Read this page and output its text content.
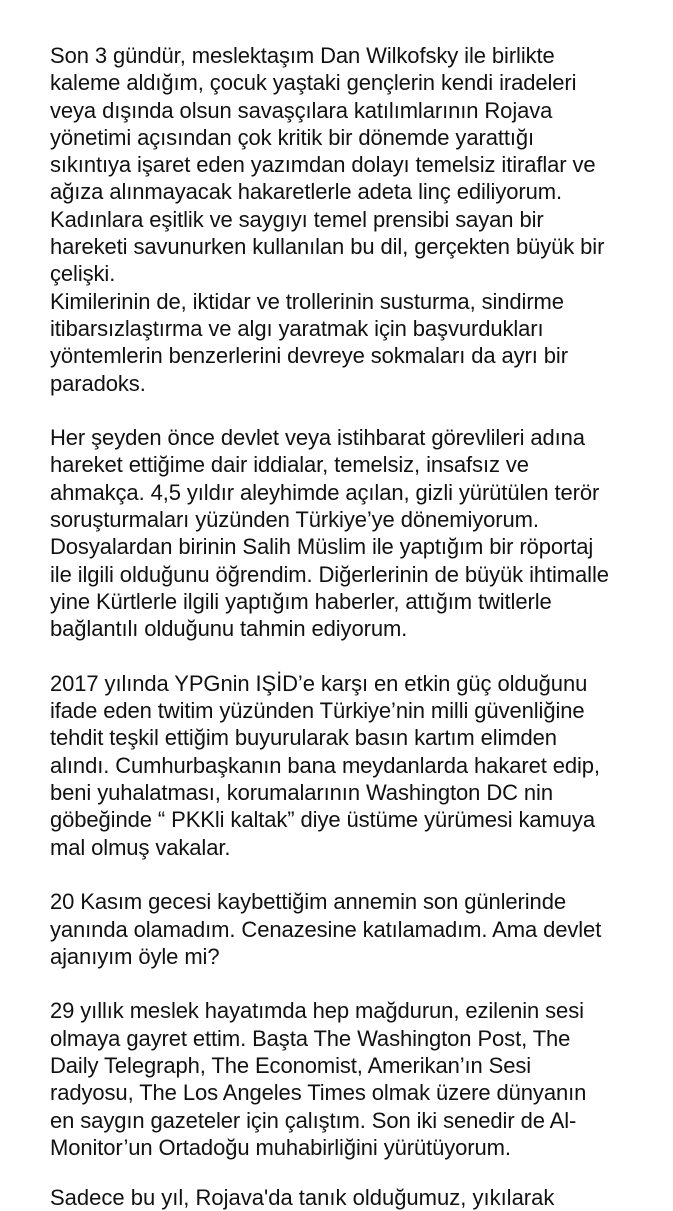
Son 3 gündür, meslektaşım Dan Wilkofsky ile birlikte
kaleme aldığım, çocuk yaştaki gençlerin kendi iradeleri
veya dışında olsun savaşçılara katılımlarının Rojava
yönetimi açısından çok kritik bir dönemde yarattığı
sıkıntıya işaret eden yazımdan dolayı temelsiz itiraflar ve
ağıza alınmayacak hakaretlerle adeta linç ediliyorum.
Kadınlara eşitlik ve saygıyı temel prensibi sayan bir
hareketi savunurken kullanılan bu dil, gerçekten büyük bir
çelişki.
Kimilerinin de, iktidar ve trollerinin susturma, sindirme
itibarsızlaştırma ve algı yaratmak için başvurdukları
yöntemlerin benzerlerini devreye sokmaları da ayrı bir
paradoks.
Her şeyden önce devlet veya istihbarat görevlileri adına
hareket ettiğime dair iddialar, temelsiz, insafsız ve
ahmakça. 4,5 yıldır aleyhimde açılan, gizli yürütülen terör
soruşturmaları yüzünden Türkiye’ye dönemiyorum.
Dosyalardan birinin Salih Müslim ile yaptığım bir röportaj
ile ilgili olduğunu öğrendim. Diğerlerinin de büyük ihtimalle
yine Kürtlerle ilgili yaptığım haberler, attığım twitlerle
bağlantılı olduğunu tahmin ediyorum.
2017 yılında YPGnin IŞİD’e karşı en etkin güç olduğunu
ifade eden twitim yüzünden Türkiye’nin milli güvenliğine
tehdit teşkil ettiğim buyurularak basın kartım elimden
alındı. Cumhurbaşkanın bana meydanlarda hakaret edip,
beni yuhalatması, korumalarının Washington DC nin
göbeğinde “ PKKli kaltak” diye üstüme yürümesi kamuya
mal olmuş vakalar.
20 Kasım gecesi kaybettiğim annemin son günlerinde
yanında olamadım. Cenazesine katılamadım. Ama devlet
ajanıyım öyle mi?
29 yıllık meslek hayatımda hep mağdurun, ezilenin sesi
olmaya gayret ettim. Başta The Washington Post, The
Daily Telegraph, The Economist, Amerikan’ın Sesi
radyosu, The Los Angeles Times olmak üzere dünyanın
en saygın gazeteler için çalıştım. Son iki senedir de Al-
Monitor’un Ortadoğu muhabirliğini yürütüyorum.
Sadece bu yıl, Rojava'da tanık olduğumuz, yıkılarak
